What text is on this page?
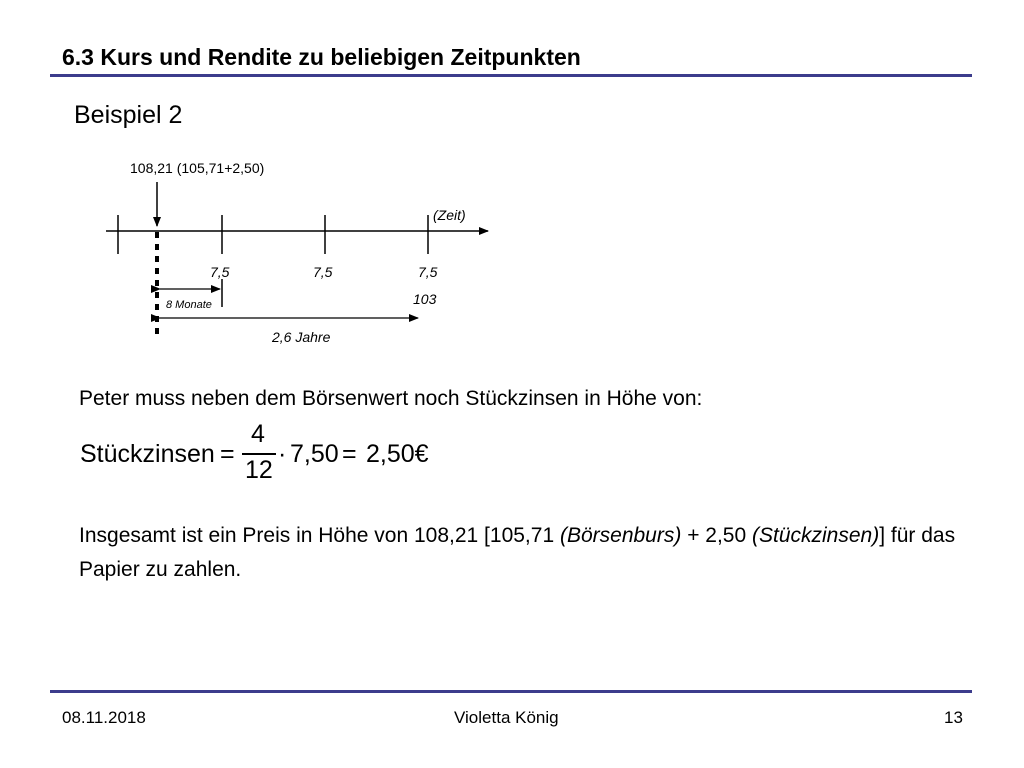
6.3 Kurs und Rendite zu beliebigen Zeitpunkten
Beispiel 2
108,21 (105,71+2,50)
(Zeit)
7,5	7,5	7,5
103
8 Monate
2,6 Jahre
Peter muss neben dem Börsenwert noch Stückzinsen in Höhe von:
Stückzinsen =
4
12
· 7,50 = 2,50€
Insgesamt ist ein Preis in Höhe von 108,21 [105,71 (Börsenburs) + 2,50 (Stückzinsen)] für das Papier zu zahlen.
08.11.2018	Violetta König	13
